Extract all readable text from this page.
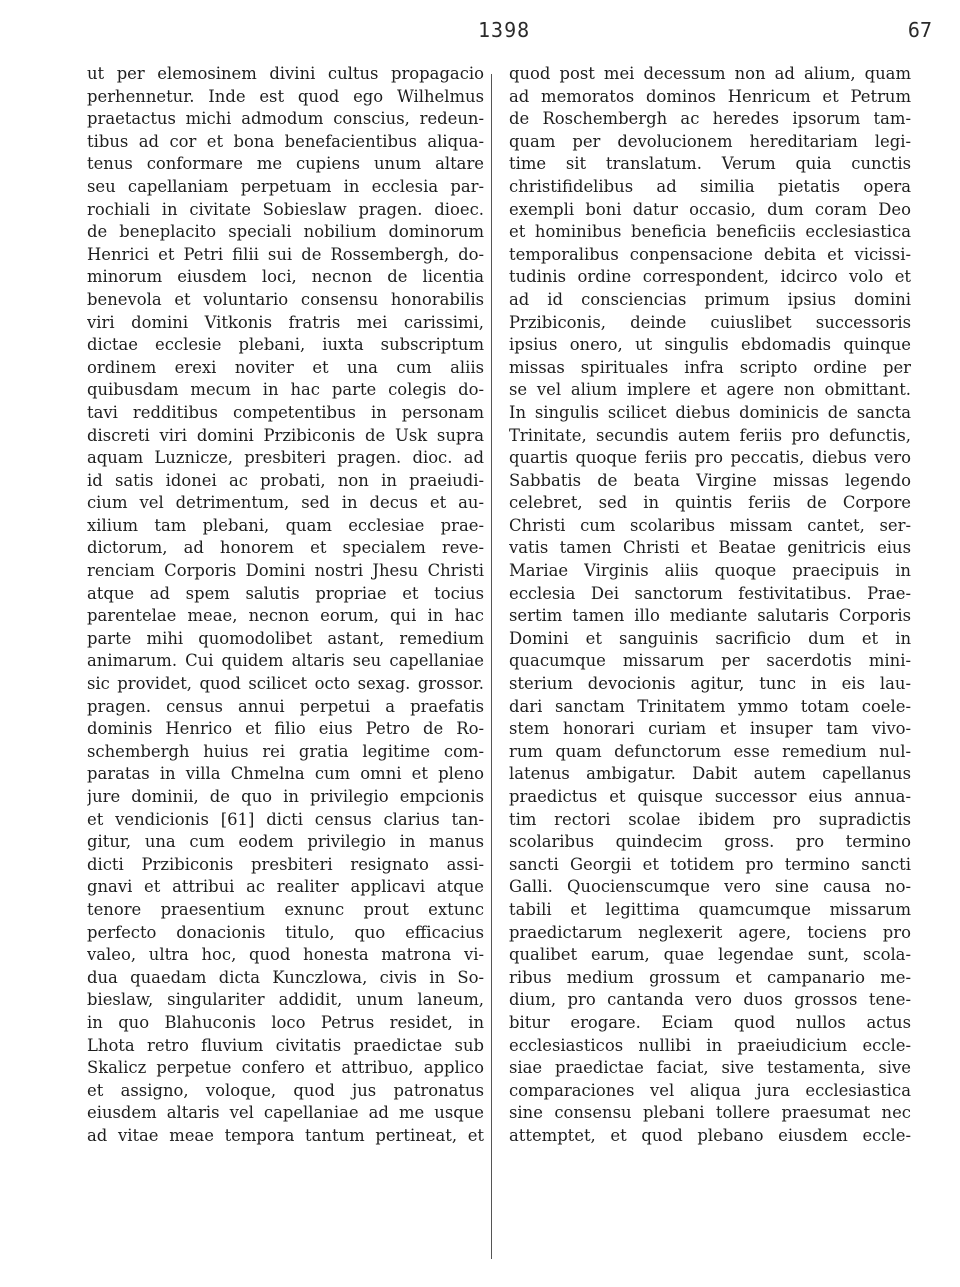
1398	67
ut per elemosinem divini cultus propagacio
perhennetur. Inde est quod ego Wilhelmus
praetactus michi admodum conscius, redeun-
tibus ad cor et bona benefacientibus aliqua-
tenus conformare me cupiens unum altare
seu capellaniam perpetuam in ecclesia par-
rochiali in civitate Sobieslaw pragen. dioec.
de beneplacito speciali nobilium dominorum
Henrici et Petri filii sui de Rossembergh, do-
minorum eiusdem loci, necnon de licentia
benevola et voluntario consensu honorabilis
viri domini Vitkonis fratris mei carissimi,
dictae ecclesie plebani, iuxta subscriptum
ordinem erexi noviter et una cum aliis
quibusdam mecum in hac parte colegis do-
tavi redditibus competentibus in personam
discreti viri domini Przibiconis de Usk supra
aquam Luznicze, presbiteri pragen. dioc. ad
id satis idonei ac probati, non in praeiudi-
cium vel detrimentum, sed in decus et au-
xilium tam plebani, quam ecclesiae prae-
dictorum, ad honorem et specialem reve-
renciam Corporis Domini nostri Jhesu Christi
atque ad spem salutis propriae et tocius
parentelae meae, necnon eorum, qui in hac
parte mihi quomodolibet astant, remedium
animarum. Cui quidem altaris seu capellaniae
sic providet, quod scilicet octo sexag. grossor.
pragen. census annui perpetui a praefatis
dominis Henrico et filio eius Petro de Ro-
schembergh huius rei gratia legitime com-
paratas in villa Chmelna cum omni et pleno
jure dominii, de quo in privilegio empcionis
et vendicionis [61] dicti census clarius tan-
gitur, una cum eodem privilegio in manus
dicti Przibiconis presbiteri resignato assi-
gnavi et attribui ac realiter applicavi atque
tenore praesentium exnunc prout extunc
perfecto donacionis titulo, quo efficacius
valeo, ultra hoc, quod honesta matrona vi-
dua quaedam dicta Kunczlowa, civis in So-
bieslaw, singulariter addidit, unum laneum,
in quo Blahuconis loco Petrus residet, in
Lhota retro fluvium civitatis praedictae sub
Skalicz perpetue confero et attribuo, applico
et assigno, voloque, quod jus patronatus
eiusdem altaris vel capellaniae ad me usque
ad vitae meae tempora tantum pertineat, et
quod post mei decessum non ad alium, quam
ad memoratos dominos Henricum et Petrum
de Roschembergh ac heredes ipsorum tam-
quam per devolucionem hereditariam legi-
time sit translatum. Verum quia cunctis
christifidelibus ad similia pietatis opera
exempli boni datur occasio, dum coram Deo
et hominibus beneficia beneficiis ecclesiastica
temporalibus conpensacione debita et vicissi-
tudinis ordine correspondent, idcirco volo et
ad id consciencias primum ipsius domini
Przibiconis, deinde cuiuslibet successoris
ipsius onero, ut singulis ebdomadis quinque
missas spirituales infra scripto ordine per
se vel alium implere et agere non obmittant.
In singulis scilicet diebus dominicis de sancta
Trinitate, secundis autem feriis pro defunctis,
quartis quoque feriis pro peccatis, diebus vero
Sabbatis de beata Virgine missas legendo
celebret, sed in quintis feriis de Corpore
Christi cum scolaribus missam cantet, ser-
vatis tamen Christi et Beatae genitricis eius
Mariae Virginis aliis quoque praecipuis in
ecclesia Dei sanctorum festivitatibus. Prae-
sertim tamen illo mediante salutaris Corporis
Domini et sanguinis sacrificio dum et in
quacumque missarum per sacerdotis mini-
sterium devocionis agitur, tunc in eis lau-
dari sanctam Trinitatem ymmo totam coele-
stem honorari curiam et insuper tam vivo-
rum quam defunctorum esse remedium nul-
latenus ambigatur. Dabit autem capellanus
praedictus et quisque successor eius annua-
tim rectori scolae ibidem pro supradictis
scolaribus quindecim gross. pro termino
sancti Georgii et totidem pro termino sancti
Galli. Quocienscumque vero sine causa no-
tabili et legittima quamcumque missarum
praedictarum neglexerit agere, tociens pro
qualibet earum, quae legendae sunt, scola-
ribus medium grossum et campanario me-
dium, pro cantanda vero duos grossos tene-
bitur erogare. Eciam quod nullos actus
ecclesiasticos nullibi in praeiudicium eccle-
siae praedictae faciat, sive testamenta, sive
comparaciones vel aliqua jura ecclesiastica
sine consensu plebani tollere praesumat nec
attemptet, et quod plebano eiusdem eccle-
